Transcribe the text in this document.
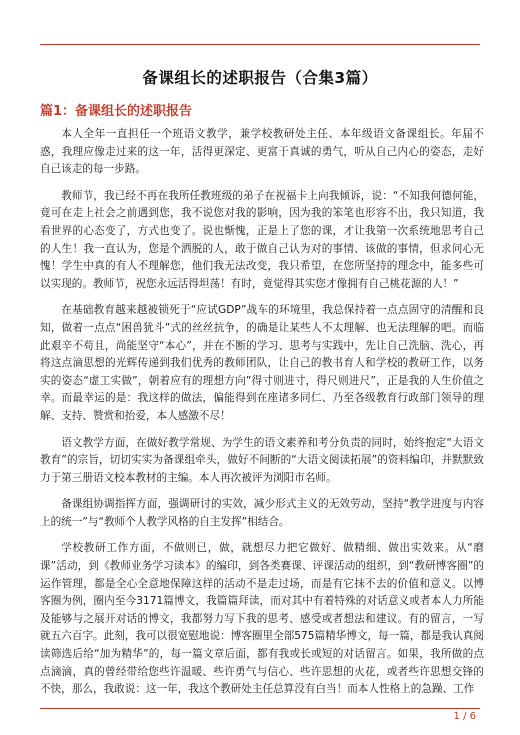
备课组长的述职报告（合集3篇）
篇1：备课组长的述职报告

本人全年一直担任一个班语文教学，兼学校教研处主任、本年级语文备课组长。年届不惑，我理应像走过来的这一年，活得更深定、更富于真诚的勇气，听从自己内心的姿态，走好自己该走的每一步路。

教师节，我已经不再在我所任教班级的弟子在祝福卡上向我倾诉，说：“不知我何德何能，竟可在走上社会之前遇到您，我不说您对我的影响，因为我的笨笔也形容不出，我只知道，我看世界的心态变了，方式也变了。说也惭愧，正是上了您的课，才让我第一次系统地思考自己的人生！我一直认为，您是个洒脱的人，敢于做自己认为对的事情、该做的事情，但求问心无愧！学生中真的有人不理解您，他们我无法改变，我只希望，在您所坚持的理念中，能多些可以实现的。教师节，祝您永远活得坦荡！有时，竟觉得其实您才像拥有自己桃花源的人！”

在基础教育越来越被锁死于“应试GDP”战车的环境里，我总保持着一点点固守的清醒和良知，做着一点点“困兽犹斗”式的丝丝抗争，的确是让某些人不太理解、也无法理解的吧。而临此艰辛不苟且，尚能坚守“本心”，并在不断的学习、思考与实践中，先让自己洗脑、洗心，再将这点滴思想的光辉传递到我们优秀的教师团队，让自己的教书育人和学校的教研工作，以务实的姿态“虚工实做”，朝着应有的理想方向”得寸则进寸，得尺则进尺”，正是我的人生价值之幸。而最幸运的是：我这样的做法，偏能得到在座诸多同仁、乃至各级教育行政部门领导的理解、支持、赞赏和抬爱，本人感激不尽！

语文教学方面，在做好教学常规、为学生的语文素养和考分负责的同时，始终抱定“大语文教育”的宗旨，切切实实为备课组牵头，做好不间断的“大语文阅读拓展”的资料编印，并默默致力于第三册语文校本教材的主编。本人再次被评为浏阳市名师。

备课组协调指挥方面，强调研讨的实效，减少形式主义的无效劳动，坚持“教学进度与内容上的统一”与“教师个人教学风格的自主发挥”相结合。

学校教研工作方面，不做则已，做，就想尽力把它做好、做精细、做出实效来。从“磨课”活动，到《教师业务学习读本》的编印，到各类赛课、评课活动的组织，到“教研博客圈”的运作管理，都是全心全意地保障这样的活动不是走过场，而是有它抹不去的价值和意义。以博客圈为例，圈内至今3171篇博文，我篇篇拜读，而对其中有着特殊的对话意义或者本人力所能及能够与之展开对话的博文，我都努力写下我的思考、感受或者想法和建议。有的留言，一写就五六百字。此刻，我可以很宽慰地说：博客圈里全部575篇精华博文，每一篇，都是我认真阅读筛选后给“加为精华”的，每一篇文章后面，都有我或长或短的对话留言。如果，我所做的点点滴滴，真的曾经带给您些许温暖、些许勇气与信心、些许思想的火花，或者些许思想交锋的不快，那么，我敢说：这一年，我这个教研处主任总算没有白当！而本人性格上的急躁、工作

1 / 6
